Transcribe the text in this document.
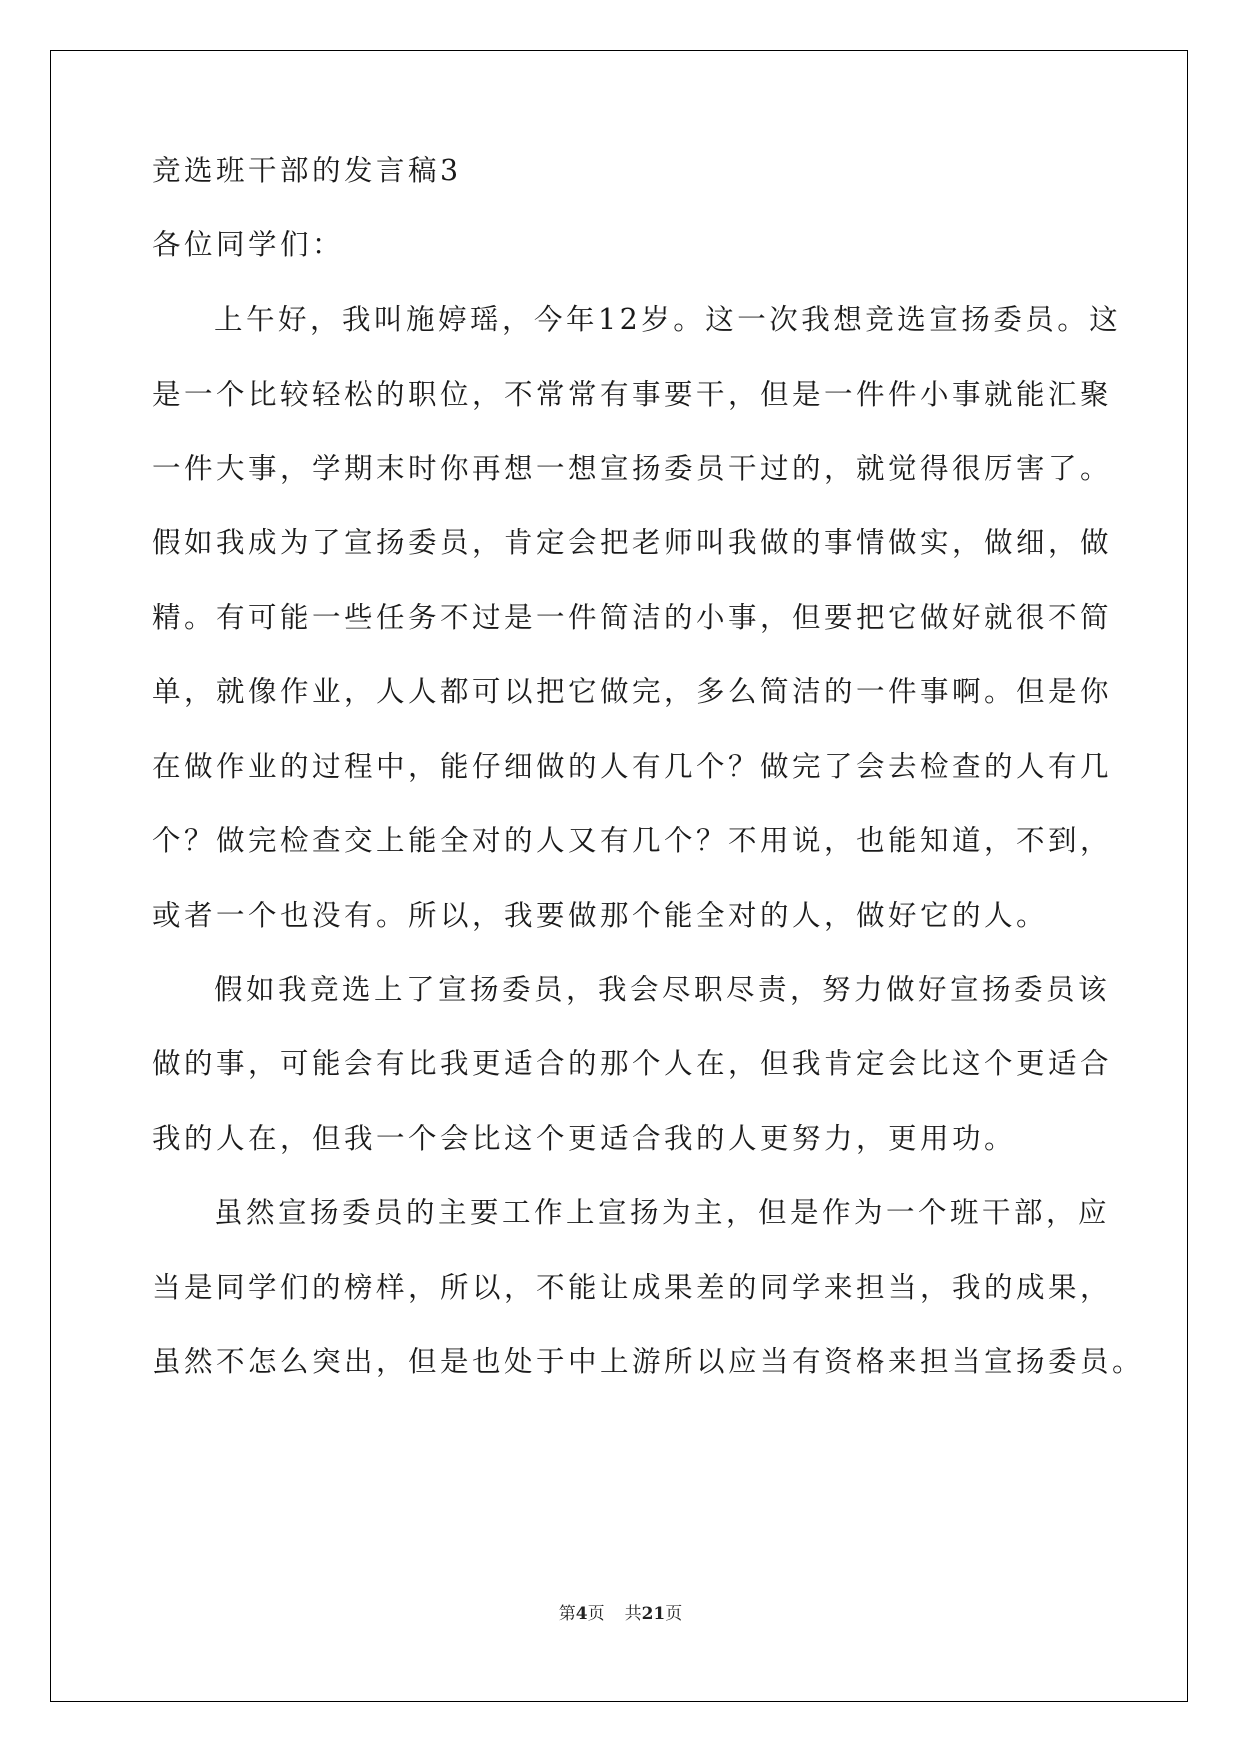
竞选班干部的发言稿3
各位同学们：
上午好，我叫施婷瑶，今年12岁。这一次我想竞选宣扬委员。这
是一个比较轻松的职位，不常常有事要干，但是一件件小事就能汇聚
一件大事，学期末时你再想一想宣扬委员干过的，就觉得很厉害了。
假如我成为了宣扬委员，肯定会把老师叫我做的事情做实，做细，做
精。有可能一些任务不过是一件简洁的小事，但要把它做好就很不简
单，就像作业，人人都可以把它做完，多么简洁的一件事啊。但是你
在做作业的过程中，能仔细做的人有几个？做完了会去检查的人有几
个？做完检查交上能全对的人又有几个？不用说，也能知道，不到，
或者一个也没有。所以，我要做那个能全对的人，做好它的人。
假如我竞选上了宣扬委员，我会尽职尽责，努力做好宣扬委员该
做的事，可能会有比我更适合的那个人在，但我肯定会比这个更适合
我的人在，但我一个会比这个更适合我的人更努力，更用功。
虽然宣扬委员的主要工作上宣扬为主，但是作为一个班干部，应
当是同学们的榜样，所以，不能让成果差的同学来担当，我的成果，
虽然不怎么突出，但是也处于中上游所以应当有资格来担当宣扬委员。
第4页 共21页
